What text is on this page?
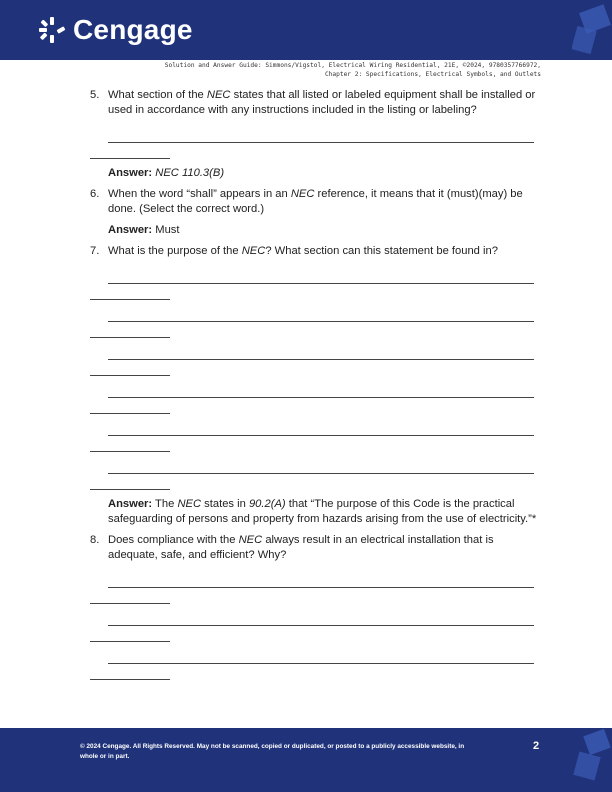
Cengage
Solution and Answer Guide: Simmons/Vigstol, Electrical Wiring Residential, 21E, ©2024, 9780357766972,
Chapter 2: Specifications, Electrical Symbols, and Outlets
5. What section of the NEC states that all listed or labeled equipment shall be installed or used in accordance with any instructions included in the listing or labeling?
Answer: NEC 110.3(B)
6. When the word “shall” appears in an NEC reference, it means that it (must)(may) be done. (Select the correct word.)
Answer: Must
7. What is the purpose of the NEC? What section can this statement be found in?
Answer: The NEC states in 90.2(A) that “The purpose of this Code is the practical safeguarding of persons and property from hazards arising from the use of electricity.”*
8. Does compliance with the NEC always result in an electrical installation that is adequate, safe, and efficient? Why?
© 2024 Cengage. All Rights Reserved. May not be scanned, copied or duplicated, or posted to a publicly accessible website, in whole or in part.
2
